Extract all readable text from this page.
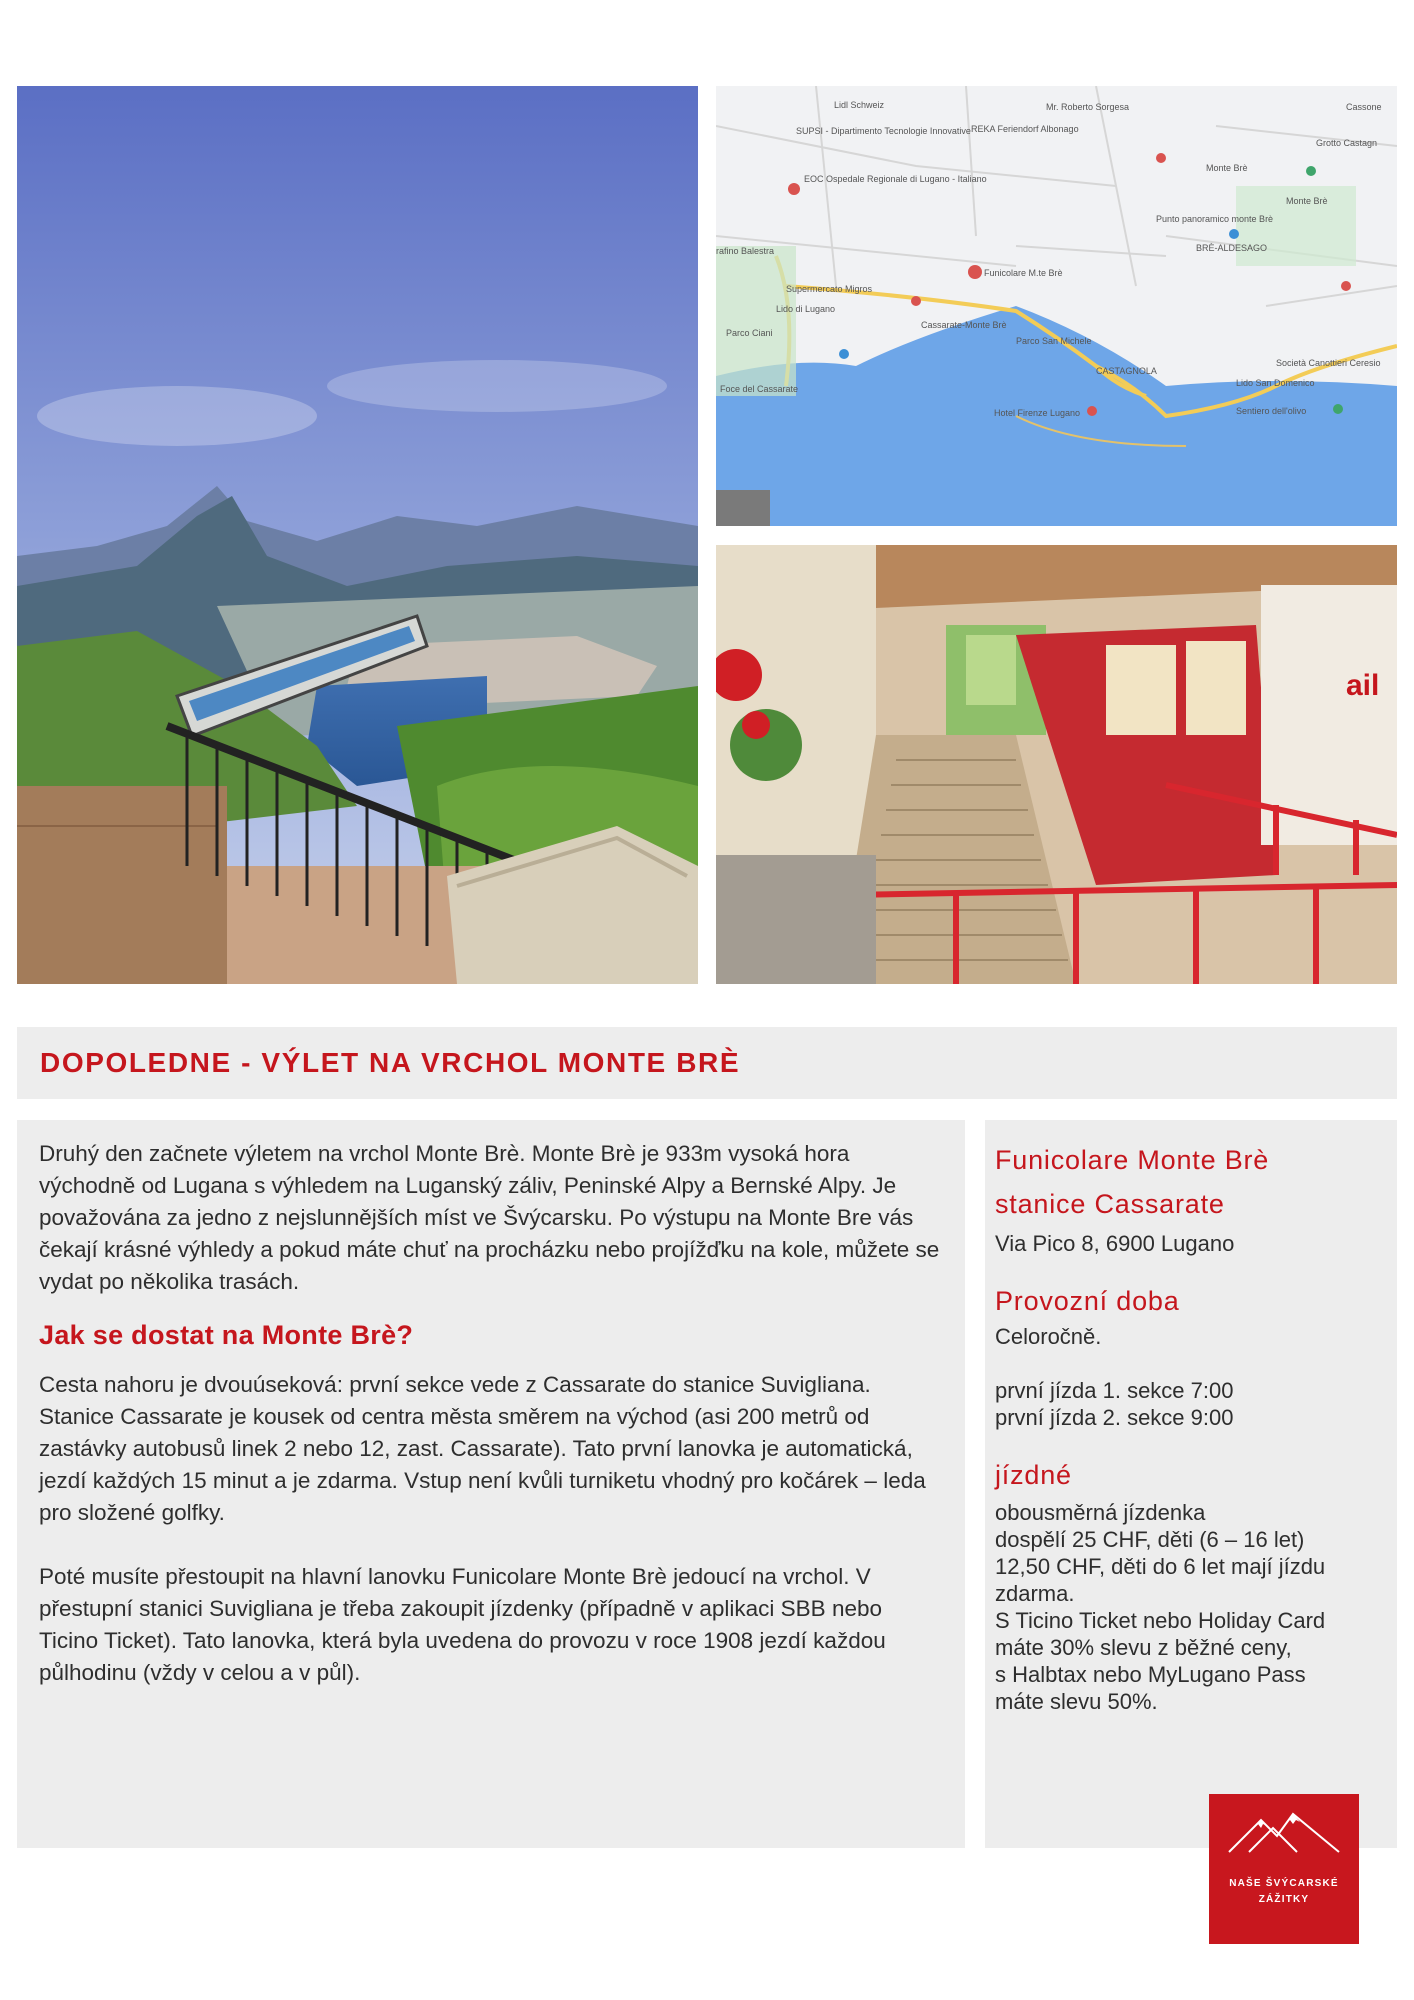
Lidl Schweiz
SUPSI - Dipartimento Tecnologie Innovative
EOC Ospedale Regionale di Lugano - Italiano
Mr. Roberto Sorgesa
REKA Feriendorf Albonago
Grotto Castagn
Monte Brè
Monte Brè
Punto panoramico monte Brè
BRÈ-ALDESAGO
Funicolare M.te Brè
Cassarate-Monte Brè
Supermercato Migros
Lido di Lugano
Parco Ciani
Parco San Michele
CASTAGNOLA
Società Canottieri Ceresio
Lido San Domenico
Sentiero dell'olivo
Hotel Firenze Lugano
Foce del Cassarate
rafino Balestra
Cassone
ail
DOPOLEDNE - VÝLET NA VRCHOL MONTE BRÈ

Druhý den začnete výletem na vrchol Monte Brè. Monte Brè je 933m vysoká hora východně od Lugana s výhledem na Luganský záliv, Peninské Alpy a Bernské Alpy. Je považována za jedno z nejslunnějších míst ve Švýcarsku. Po výstupu na Monte Bre vás čekají krásné výhledy a pokud máte chuť na procházku nebo projížďku na kole, můžete se vydat po několika trasách.

Jak se dostat na Monte Brè?

Cesta nahoru je dvouúseková: první sekce vede z Cassarate do stanice Suvigliana. Stanice Cassarate je kousek od centra města směrem na východ (asi 200 metrů od zastávky autobusů linek 2 nebo 12, zast. Cassarate). Tato první lanovka je automatická, jezdí každých 15 minut a je zdarma. Vstup není kvůli turniketu vhodný pro kočárek – leda pro složené golfky.

Poté musíte přestoupit na hlavní lanovku Funicolare Monte Brè jedoucí na vrchol. V přestupní stanici Suvigliana je třeba zakoupit jízdenky (případně v aplikaci SBB nebo Ticino Ticket). Tato lanovka, která byla uvedena do provozu v roce 1908 jezdí každou půlhodinu (vždy v celou a v půl).

Funicolare Monte Brè
stanice Cassarate

Via Pico 8, 6900 Lugano

Provozní doba

Celoročně.

první jízda 1. sekce 7:00

první jízda 2. sekce 9:00

jízdné

obousměrná jízdenka

dospělí 25 CHF, děti (6 – 16 let)

12,50 CHF, děti do 6 let mají jízdu

zdarma.

S Ticino Ticket nebo Holiday Card

máte 30% slevu z běžné ceny,

s Halbtax nebo MyLugano Pass

máte slevu 50%.

NAŠE ŠVÝCARSKÉ
ZÁŽITKY
